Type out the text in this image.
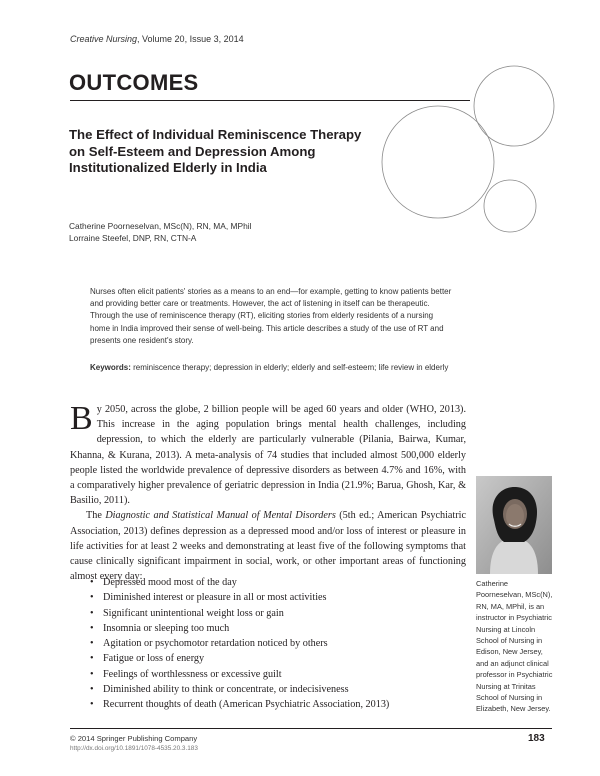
Creative Nursing, Volume 20, Issue 3, 2014
OUTCOMES
The Effect of Individual Reminiscence Therapy on Self-Esteem and Depression Among Institutionalized Elderly in India
Catherine Poorneselvan, MSc(N), RN, MA, MPhil
Lorraine Steefel, DNP, RN, CTN-A
Nurses often elicit patients' stories as a means to an end—for example, getting to know patients better and providing better care or treatments. However, the act of listening in itself can be therapeutic. Through the use of reminiscence therapy (RT), eliciting stories from elderly residents of a nursing home in India improved their sense of well-being. This article describes a study of the use of RT and presents one resident's story.
Keywords: reminiscence therapy; depression in elderly; elderly and self-esteem; life review in elderly

By 2050, across the globe, 2 billion people will be aged 60 years and older (WHO, 2013). This increase in the aging population brings mental health challenges, including depression, to which the elderly are particularly vulnerable (Pilania, Bairwa, Kumar, Khanna, & Kurana, 2013). A meta-analysis of 74 studies that included almost 500,000 elderly people listed the worldwide prevalence of depressive disorders as between 4.7% and 16%, with a comparatively higher prevalence of geriatric depression in India (21.9%; Barua, Ghosh, Kar, & Basilio, 2011).

The Diagnostic and Statistical Manual of Mental Disorders (5th ed.; American Psychiatric Association, 2013) defines depression as a depressed mood and/or loss of interest or pleasure in life activities for at least 2 weeks and demonstrating at least five of the following symptoms that cause clinically significant impairment in social, work, or other important areas of functioning almost every day:

• Depressed mood most of the day
• Diminished interest or pleasure in all or most activities
• Significant unintentional weight loss or gain
• Insomnia or sleeping too much
• Agitation or psychomotor retardation noticed by others
• Fatigue or loss of energy
• Feelings of worthlessness or excessive guilt
• Diminished ability to think or concentrate, or indecisiveness
• Recurrent thoughts of death (American Psychiatric Association, 2013)
Catherine Poorneselvan, MSc(N), RN, MA, MPhil, is an instructor in Psychiatric Nursing at Lincoln School of Nursing in Edison, New Jersey, and an adjunct clinical professor in Psychiatric Nursing at Trinitas School of Nursing in Elizabeth, New Jersey.
© 2014 Springer Publishing Company
http://dx.doi.org/10.1891/1078-4535.20.3.183
183
